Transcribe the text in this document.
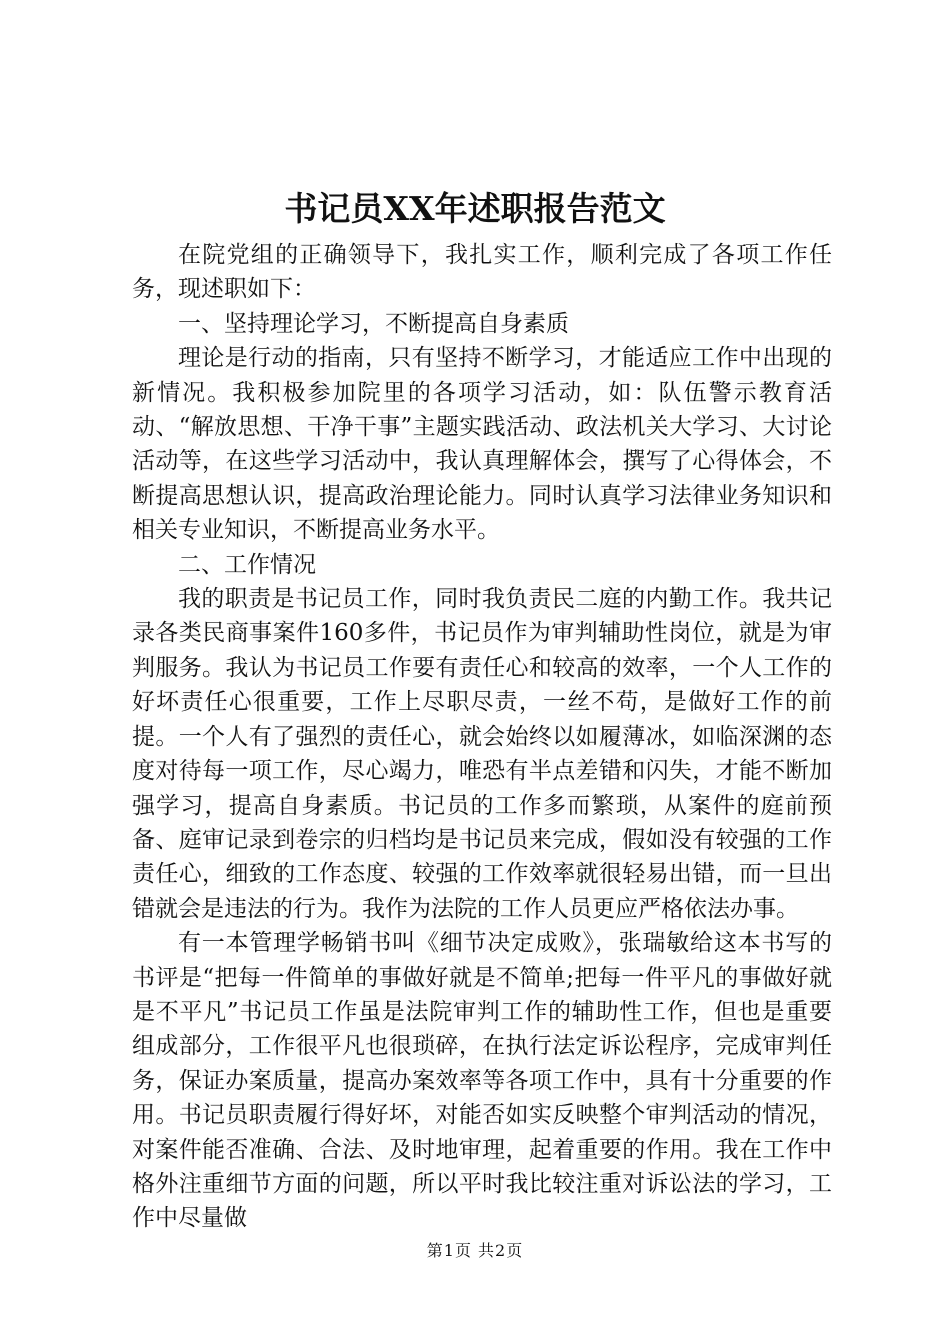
书记员XX年述职报告范文

在院党组的正确领导下，我扎实工作，顺利完成了各项工作任务，现述职如下：

一、坚持理论学习，不断提高自身素质

理论是行动的指南，只有坚持不断学习，才能适应工作中出现的新情况。我积极参加院里的各项学习活动，如：队伍警示教育活动、“解放思想、干净干事”主题实践活动、政法机关大学习、大讨论活动等，在这些学习活动中，我认真理解体会，撰写了心得体会，不断提高思想认识，提高政治理论能力。同时认真学习法律业务知识和相关专业知识，不断提高业务水平。

二、工作情况

我的职责是书记员工作，同时我负责民二庭的内勤工作。我共记录各类民商事案件160多件，书记员作为审判辅助性岗位，就是为审判服务。我认为书记员工作要有责任心和较高的效率，一个人工作的好坏责任心很重要，工作上尽职尽责，一丝不苟，是做好工作的前提。一个人有了强烈的责任心，就会始终以如履薄冰，如临深渊的态度对待每一项工作，尽心竭力，唯恐有半点差错和闪失，才能不断加强学习，提高自身素质。书记员的工作多而繁琐，从案件的庭前预备、庭审记录到卷宗的归档均是书记员来完成，假如没有较强的工作责任心，细致的工作态度、较强的工作效率就很轻易出错，而一旦出错就会是违法的行为。我作为法院的工作人员更应严格依法办事。

有一本管理学畅销书叫《细节决定成败》，张瑞敏给这本书写的书评是“把每一件简单的事做好就是不简单;把每一件平凡的事做好就是不平凡”书记员工作虽是法院审判工作的辅助性工作，但也是重要组成部分，工作很平凡也很琐碎，在执行法定诉讼程序，完成审判任务，保证办案质量，提高办案效率等各项工作中，具有十分重要的作用。书记员职责履行得好坏，对能否如实反映整个审判活动的情况，对案件能否准确、合法、及时地审理，起着重要的作用。我在工作中格外注重细节方面的问题，所以平时我比较注重对诉讼法的学习，工作中尽量做

第1页 共2页
